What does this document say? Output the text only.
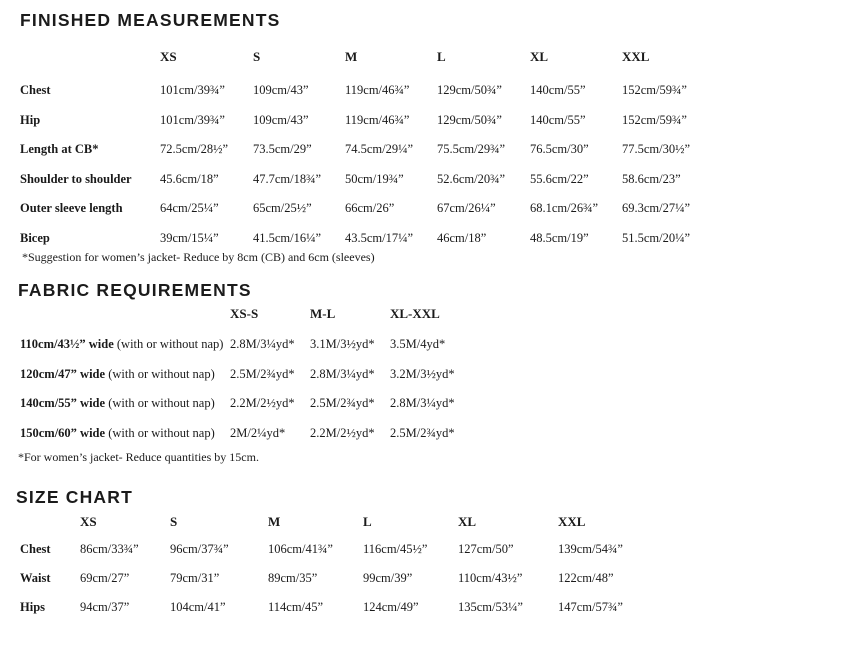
FINISHED MEASUREMENTS
XS	S	M	L	XL	XXL
Chest	101cm/39¾”	109cm/43”	119cm/46¾”	129cm/50¾”	140cm/55”	152cm/59¾”
Hip	101cm/39¾”	109cm/43”	119cm/46¾”	129cm/50¾”	140cm/55”	152cm/59¾”
Length at CB*	72.5cm/28½”	73.5cm/29”	74.5cm/29¼”	75.5cm/29¾”	76.5cm/30”	77.5cm/30½”
Shoulder to shoulder	45.6cm/18”	47.7cm/18¾”	50cm/19¾”	52.6cm/20¾”	55.6cm/22”	58.6cm/23”
Outer sleeve length	64cm/25¼”	65cm/25½”	66cm/26”	67cm/26¼”	68.1cm/26¾”	69.3cm/27¼”
Bicep	39cm/15¼”	41.5cm/16¼”	43.5cm/17¼”	46cm/18”	48.5cm/19”	51.5cm/20¼”
*Suggestion for women’s jacket- Reduce by 8cm (CB) and 6cm (sleeves)
FABRIC REQUIREMENTS
XS-S	M-L	XL-XXL
110cm/43½” wide (with or without nap) 2.8M/3¼yd*	3.1M/3½yd*	3.5M/4yd*
120cm/47” wide (with or without nap)	2.5M/2¾yd*	2.8M/3¼yd*	3.2M/3½yd*
140cm/55” wide (with or without nap)	2.2M/2½yd*	2.5M/2¾yd*	2.8M/3¼yd*
150cm/60” wide (with or without nap)	2M/2¼yd*	2.2M/2½yd*	2.5M/2¾yd*
*For women’s jacket- Reduce quantities by 15cm.
SIZE CHART
XS	S	M	L	XL	XXL
Chest	86cm/33¾”	96cm/37¾”	106cm/41¾”	116cm/45½”	127cm/50”	139cm/54¾”
Waist	69cm/27”	79cm/31”	89cm/35”	99cm/39”	110cm/43½”	122cm/48”
Hips	94cm/37”	104cm/41”	114cm/45”	124cm/49”	135cm/53¼”	147cm/57¾”
